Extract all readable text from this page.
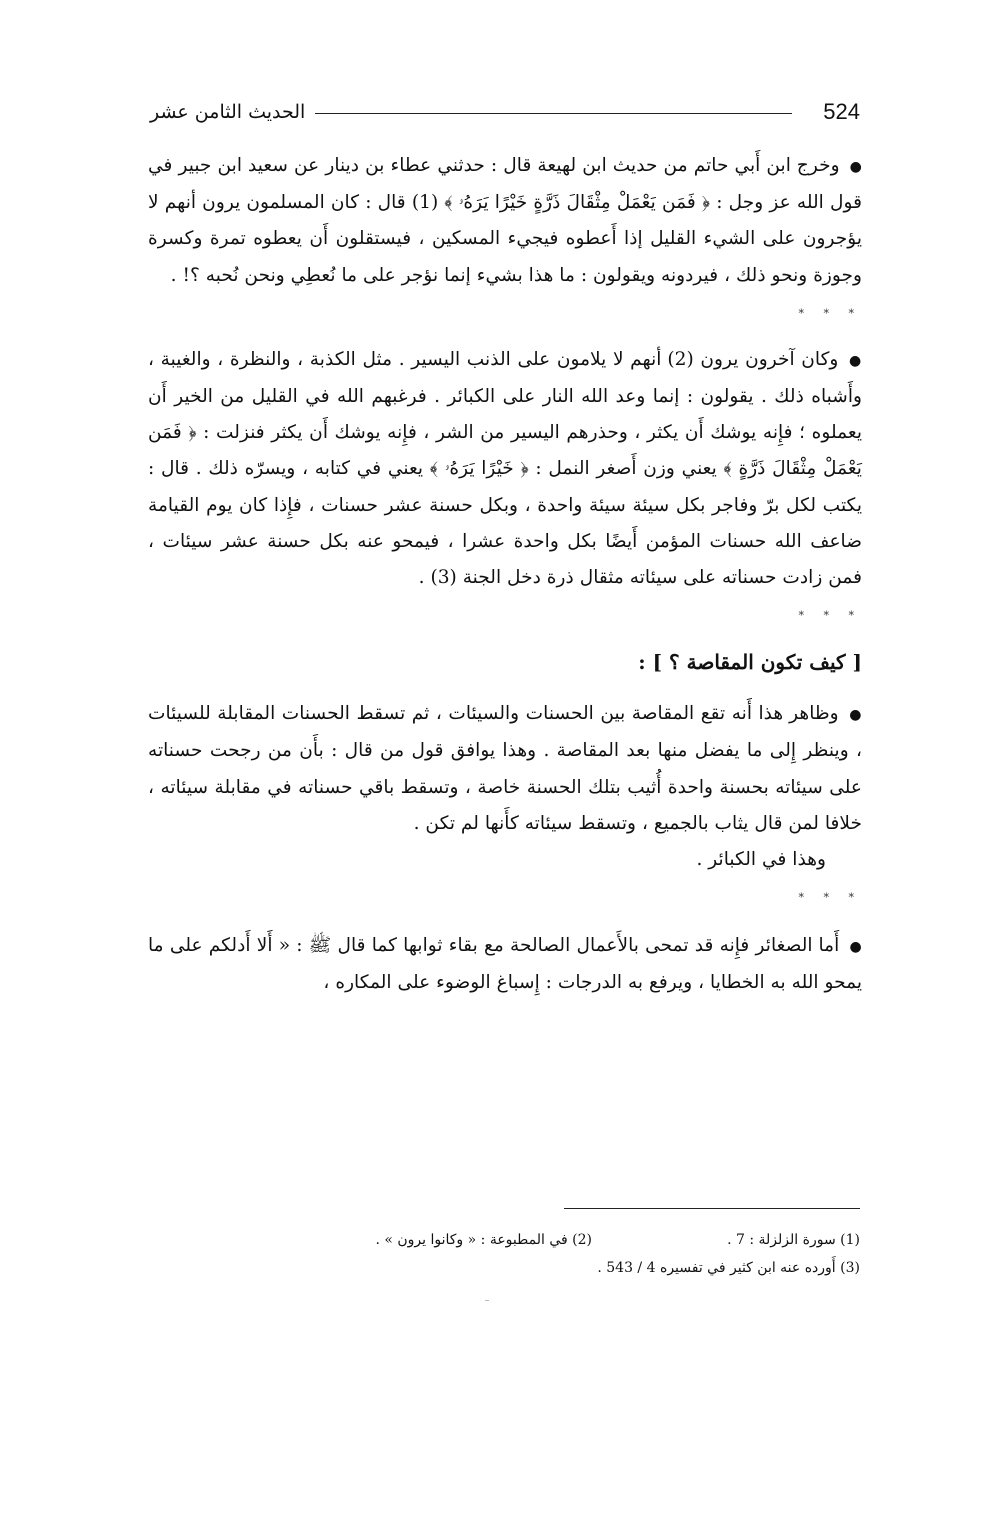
524
الحديث الثامن عشر

● وخرج ابن أَبي حاتم من حديث ابن لهيعة قال : حدثني عطاء بن دينار عن سعيد ابن جبير في قول الله عز وجل : ﴿ فَمَن يَعْمَلْ مِثْقَالَ ذَرَّةٍ خَيْرًا يَرَهُۥ ﴾ (1) قال : كان المسلمون يرون أنهم لا يؤجرون على الشيء القليل إذا أَعطوه فيجيء المسكين ، فيستقلون أَن يعطوه تمرة وكسرة وجوزة ونحو ذلك ، فيردونه ويقولون : ما هذا بشيء إنما نؤجر على ما نُعطِي ونحن نُحبه ؟! .

* * *

● وكان آخرون يرون (2) أنهم لا يلامون على الذنب اليسير . مثل الكذبة ، والنظرة ، والغيبة ، وأَشباه ذلك . يقولون : إنما وعد الله النار على الكبائر . فرغبهم الله في القليل من الخير أَن يعملوه ؛ فإِنه يوشك أَن يكثر ، وحذرهم اليسير من الشر ، فإِنه يوشك أَن يكثر فنزلت : ﴿ فَمَن يَعْمَلْ مِثْقَالَ ذَرَّةٍ ﴾ يعني وزن أَصغر النمل : ﴿ خَيْرًا يَرَهُۥ ﴾ يعني في كتابه ، ويسرّه ذلك . قال : يكتب لكل برّ وفاجر بكل سيئة سيئة واحدة ، وبكل حسنة عشر حسنات ، فإِذا كان يوم القيامة ضاعف الله حسنات المؤمن أَيضًا بكل واحدة عشرا ، فيمحو عنه بكل حسنة عشر سيئات ، فمن زادت حسناته على سيئاته مثقال ذرة دخل الجنة (3) .

* * *

[ كيف تكون المقاصة ؟ ] :

● وظاهر هذا أَنه تقع المقاصة بين الحسنات والسيئات ، ثم تسقط الحسنات المقابلة للسيئات ، وينظر إِلى ما يفضل منها بعد المقاصة . وهذا يوافق قول من قال : بأَن من رجحت حسناته على سيئاته بحسنة واحدة أُثيب بتلك الحسنة خاصة ، وتسقط باقي حسناته في مقابلة سيئاته ، خلافا لمن قال يثاب بالجميع ، وتسقط سيئاته كأَنها لم تكن .

وهذا في الكبائر .

* * *

● أَما الصغائر فإِنه قد تمحى بالأَعمال الصالحة مع بقاء ثوابها كما قال ﷺ : « أَلا أَدلكم على ما يمحو الله به الخطايا ، ويرفع به الدرجات : إِسباغ الوضوء على المكاره ،

(1) سورة الزلزلة : 7 .
(2) في المطبوعة : « وكانوا يرون » .
(3) أَورده عنه ابن كثير في تفسيره 4 / 543 .
